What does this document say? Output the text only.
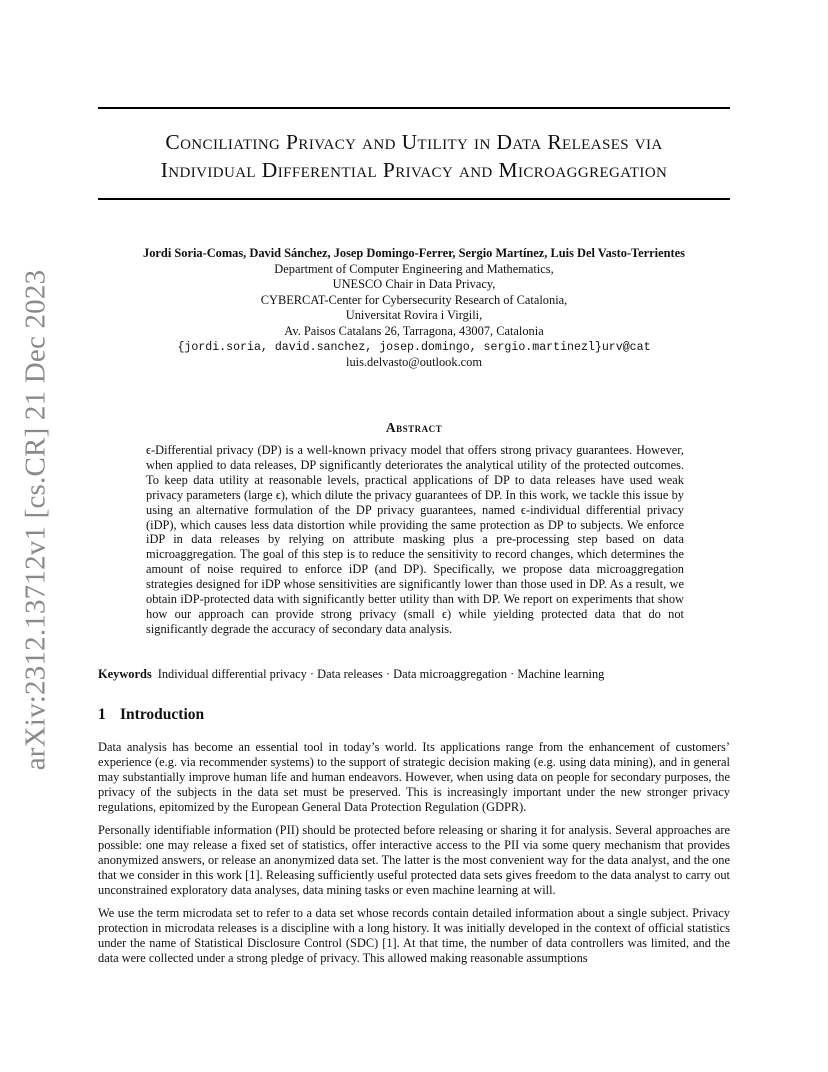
arXiv:2312.13712v1 [cs.CR] 21 Dec 2023
Conciliating Privacy and Utility in Data Releases via
Individual Differential Privacy and Microaggregation
Jordi Soria-Comas, David Sánchez, Josep Domingo-Ferrer, Sergio Martínez, Luis Del Vasto-Terrientes
Department of Computer Engineering and Mathematics,
UNESCO Chair in Data Privacy,
CYBERCAT-Center for Cybersecurity Research of Catalonia,
Universitat Rovira i Virgili,
Av. Paisos Catalans 26, Tarragona, 43007, Catalonia
{jordi.soria, david.sanchez, josep.domingo, sergio.martinezl}urv@cat
luis.delvasto@outlook.com
Abstract
ϵ-Differential privacy (DP) is a well-known privacy model that offers strong privacy guarantees. However, when applied to data releases, DP significantly deteriorates the analytical utility of the protected outcomes. To keep data utility at reasonable levels, practical applications of DP to data releases have used weak privacy parameters (large ϵ), which dilute the privacy guarantees of DP. In this work, we tackle this issue by using an alternative formulation of the DP privacy guarantees, named ϵ-individual differential privacy (iDP), which causes less data distortion while providing the same protection as DP to subjects. We enforce iDP in data releases by relying on attribute masking plus a pre-processing step based on data microaggregation. The goal of this step is to reduce the sensitivity to record changes, which determines the amount of noise required to enforce iDP (and DP). Specifically, we propose data microaggregation strategies designed for iDP whose sensitivities are significantly lower than those used in DP. As a result, we obtain iDP-protected data with significantly better utility than with DP. We report on experiments that show how our approach can provide strong privacy (small ϵ) while yielding protected data that do not significantly degrade the accuracy of secondary data analysis.
Keywords Individual differential privacy · Data releases · Data microaggregation · Machine learning
1 Introduction

Data analysis has become an essential tool in today’s world. Its applications range from the enhancement of customers’ experience (e.g. via recommender systems) to the support of strategic decision making (e.g. using data mining), and in general may substantially improve human life and human endeavors. However, when using data on people for secondary purposes, the privacy of the subjects in the data set must be preserved. This is increasingly important under the new stronger privacy regulations, epitomized by the European General Data Protection Regulation (GDPR).

Personally identifiable information (PII) should be protected before releasing or sharing it for analysis. Several approaches are possible: one may release a fixed set of statistics, offer interactive access to the PII via some query mechanism that provides anonymized answers, or release an anonymized data set. The latter is the most convenient way for the data analyst, and the one that we consider in this work [1]. Releasing sufficiently useful protected data sets gives freedom to the data analyst to carry out unconstrained exploratory data analyses, data mining tasks or even machine learning at will.

We use the term microdata set to refer to a data set whose records contain detailed information about a single subject. Privacy protection in microdata releases is a discipline with a long history. It was initially developed in the context of official statistics under the name of Statistical Disclosure Control (SDC) [1]. At that time, the number of data controllers was limited, and the data were collected under a strong pledge of privacy. This allowed making reasonable assumptions
